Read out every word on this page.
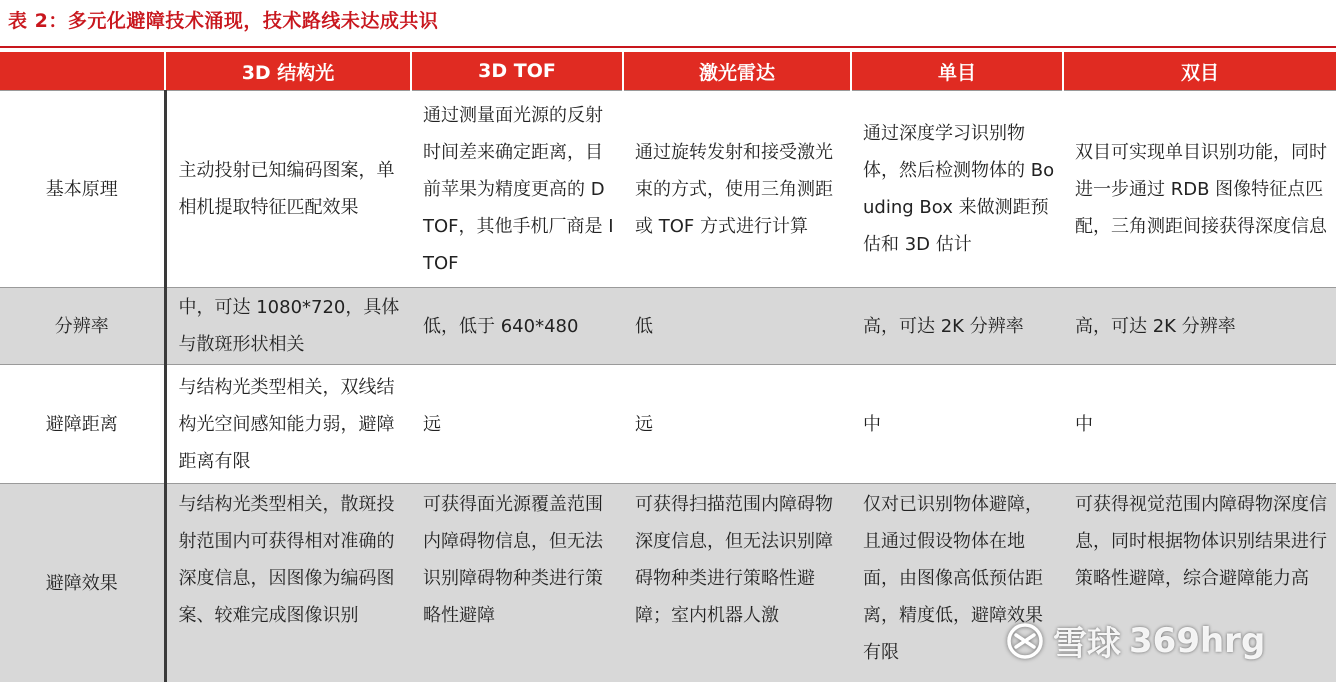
表 2：多元化避障技术涌现，技术路线未达成共识
	3D 结构光	3D TOF	激光雷达	单目	双目
基本原理	主动投射已知编码图案，单相机提取特征匹配效果	通过测量面光源的反射时间差来确定距离，目前苹果为精度更高的 DTOF，其他手机厂商是 ITOF	通过旋转发射和接受激光束的方式，使用三角测距或 TOF 方式进行计算	通过深度学习识别物体，然后检测物体的 Bouding Box 来做测距预估和 3D 估计	双目可实现单目识别功能，同时进一步通过 RDB 图像特征点匹配，三角测距间接获得深度信息
分辨率	中，可达 1080*720，具体与散斑形状相关	低，低于 640*480	低	高，可达 2K 分辨率	高，可达 2K 分辨率
避障距离	与结构光类型相关，双线结构光空间感知能力弱，避障距离有限	远	远	中	中
避障效果	与结构光类型相关，散斑投射范围内可获得相对准确的深度信息，因图像为编码图案、较难完成图像识别	可获得面光源覆盖范围内障碍物信息，但无法识别障碍物种类进行策略性避障	可获得扫描范围内障碍物深度信息，但无法识别障碍物种类进行策略性避障；室内机器人激	仅对已识别物体避障，且通过假设物体在地面，由图像高低预估距离，精度低，避障效果有限	可获得视觉范围内障碍物深度信息，同时根据物体识别结果进行策略性避障，综合避障能力高
雪球 369hrg
